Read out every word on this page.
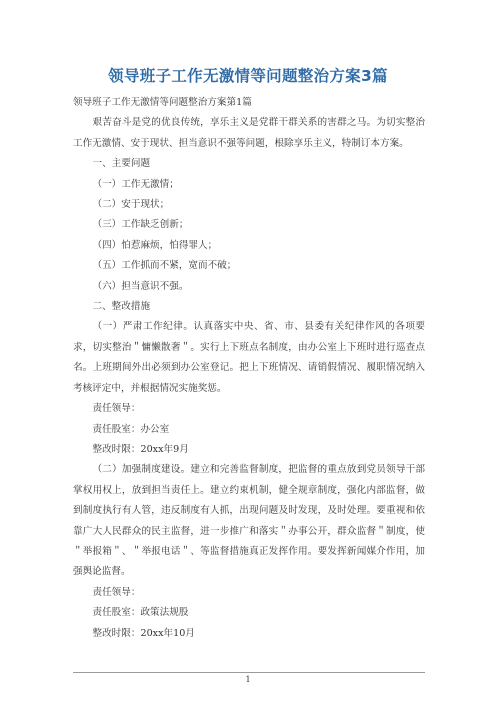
领导班子工作无激情等问题整治方案3篇

领导班子工作无激情等问题整治方案第1篇

艰苦奋斗是党的优良传统，享乐主义是党群干群关系的害群之马。为切实整治工作无激情、安于现状、担当意识不强等问题，根除享乐主义，特制订本方案。

一、主要问题

（一）工作无激情；

（二）安于现状；

（三）工作缺乏创新；

（四）怕惹麻烦，怕得罪人；

（五）工作抓而不紧，宽而不破；

（六）担当意识不强。

二、整改措施

（一）严肃工作纪律。认真落实中央、省、市、县委有关纪律作风的各项要求，切实整治＂慵懒散奢＂。实行上下班点名制度，由办公室上下班时进行巡查点名。上班期间外出必须到办公室登记。把上下班情况、请销假情况、履职情况纳入考核评定中，并根据情况实施奖惩。

责任领导：

责任股室：办公室

整改时限：20xx年9月

（二）加强制度建设。建立和完善监督制度，把监督的重点放到党员领导干部掌权用权上，放到担当责任上。建立约束机制，健全规章制度，强化内部监督，做到制度执行有人管，违反制度有人抓，出现问题及时发现，及时处理。要重视和依靠广大人民群众的民主监督，进一步推广和落实＂办事公开，群众监督＂制度，使＂举报箱＂、＂举报电话＂、等监督措施真正发挥作用。要发挥新闻媒介作用，加强舆论监督。

责任领导：

责任股室：政策法规股

整改时限：20xx年10月

1
